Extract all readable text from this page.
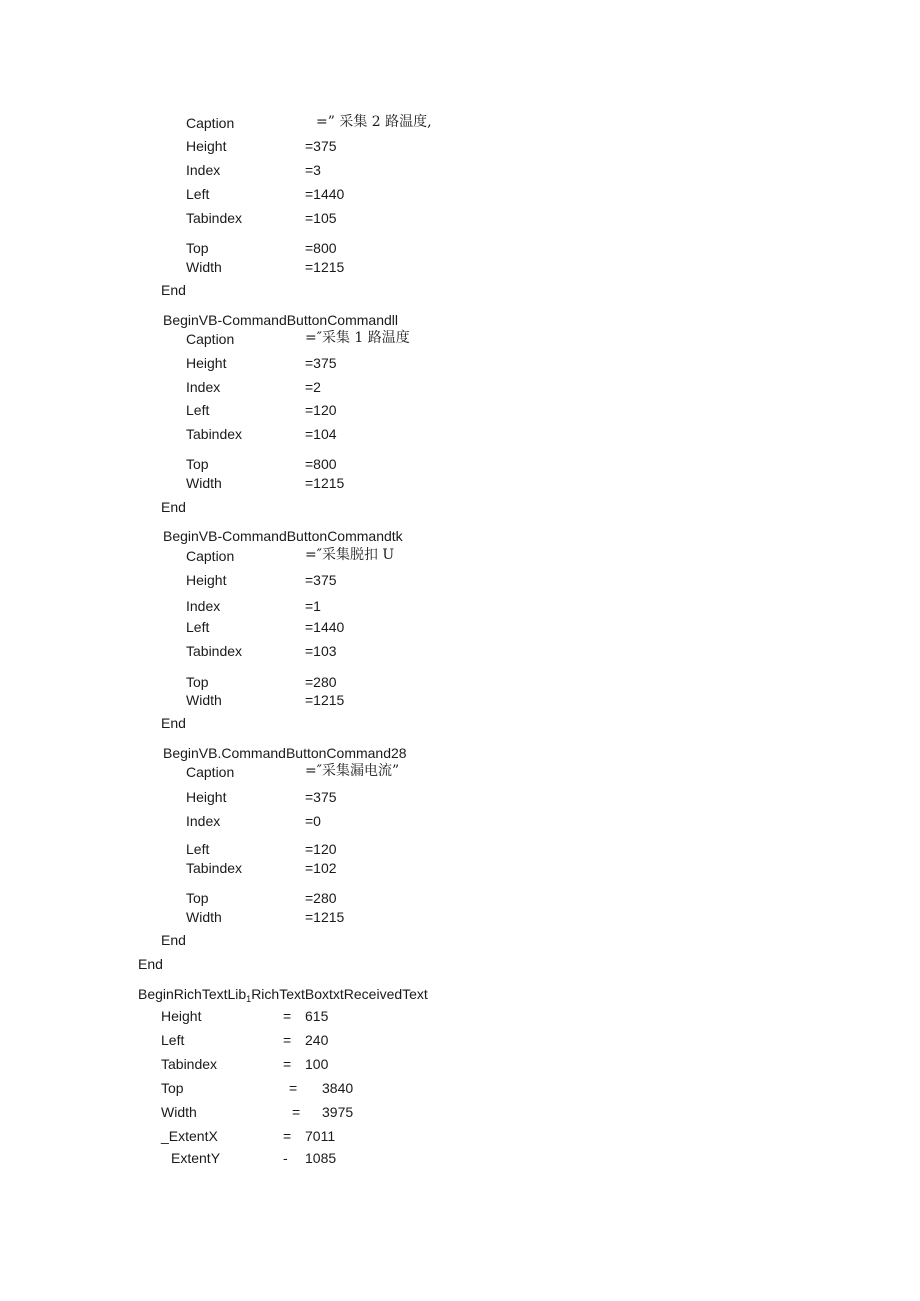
Caption	=” 采集 2 路温度,
Height	=375
Index	=3
Left	=1440
Tabindex	=105
Top	=800
Width	=1215
End
BeginVB-CommandButtonCommandll
Caption	=″采集 1 路温度
Height	=375
Index	=2
Left	=120
Tabindex	=104
Top	=800
Width	=1215
End
BeginVB-CommandButtonCommandtk
Caption	=″采集脱扣 U
Height	=375
Index	=1
Left	=1440
Tabindex	=103
Top	=280
Width	=1215
End
BeginVB.CommandButtonCommand28
Caption	=″采集漏电流”
Height	=375
Index	=0
Left	=120
Tabindex	=102
Top	=280
Width	=1215
End
End
BeginRichTextLib$_1$RichTextBoxtxtReceivedText
Height	= 615
Left	= 240
Tabindex	= 100
Top	= 3840
Width	= 3975
_ExtentX	= 7011
ExtentY	- 1085
